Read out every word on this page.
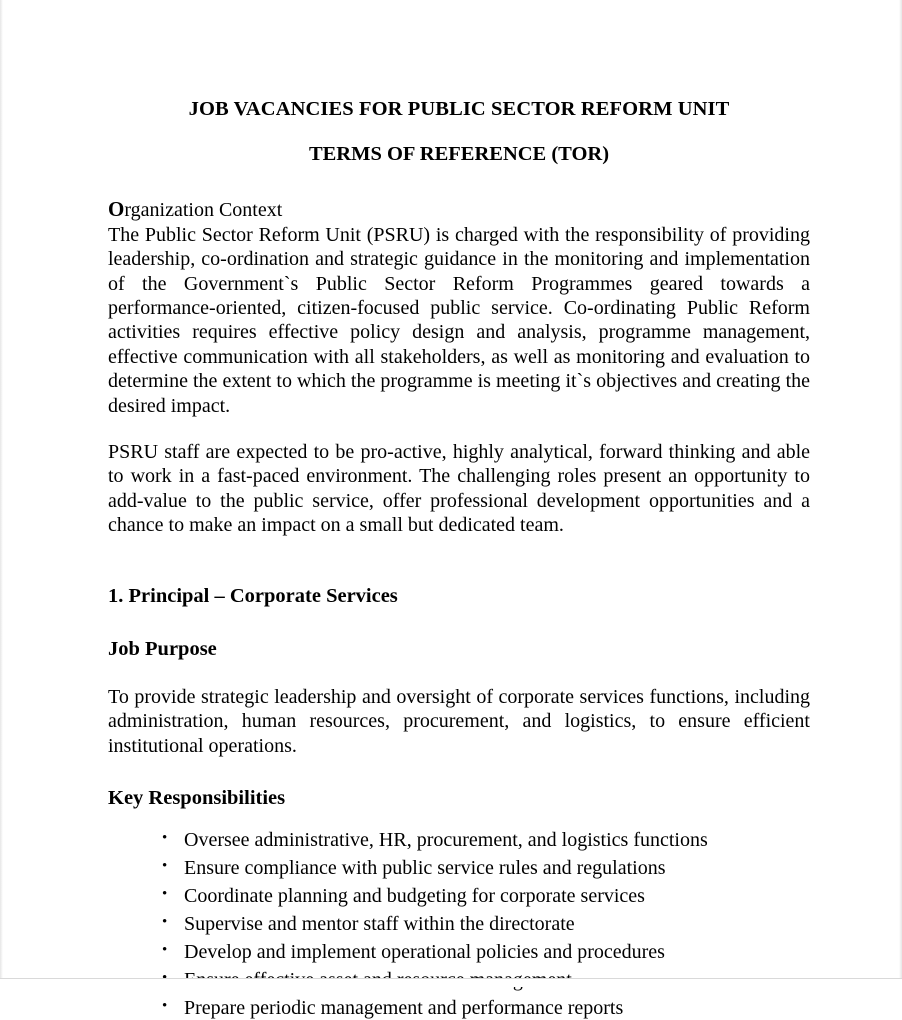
JOB VACANCIES FOR PUBLIC SECTOR REFORM UNIT
TERMS OF REFERENCE (TOR)
Organization Context

The Public Sector Reform Unit (PSRU) is charged with the responsibility of providing leadership, co-ordination and strategic guidance in the monitoring and implementation of the Government`s Public Sector Reform Programmes geared towards a performance-oriented, citizen-focused public service. Co-ordinating Public Reform activities requires effective policy design and analysis, programme management, effective communication with all stakeholders, as well as monitoring and evaluation to determine the extent to which the programme is meeting it`s objectives and creating the desired impact.

PSRU staff are expected to be pro-active, highly analytical, forward thinking and able to work in a fast-paced environment. The challenging roles present an opportunity to add-value to the public service, offer professional development opportunities and a chance to make an impact on a small but dedicated team.

1. Principal – Corporate Services
Job Purpose

To provide strategic leadership and oversight of corporate services functions, including administration, human resources, procurement, and logistics, to ensure efficient institutional operations.

Key Responsibilities
• Oversee administrative, HR, procurement, and logistics functions
• Ensure compliance with public service rules and regulations
• Coordinate planning and budgeting for corporate services
• Supervise and mentor staff within the directorate
• Develop and implement operational policies and procedures
•
• Prepare periodic management and performance reports
